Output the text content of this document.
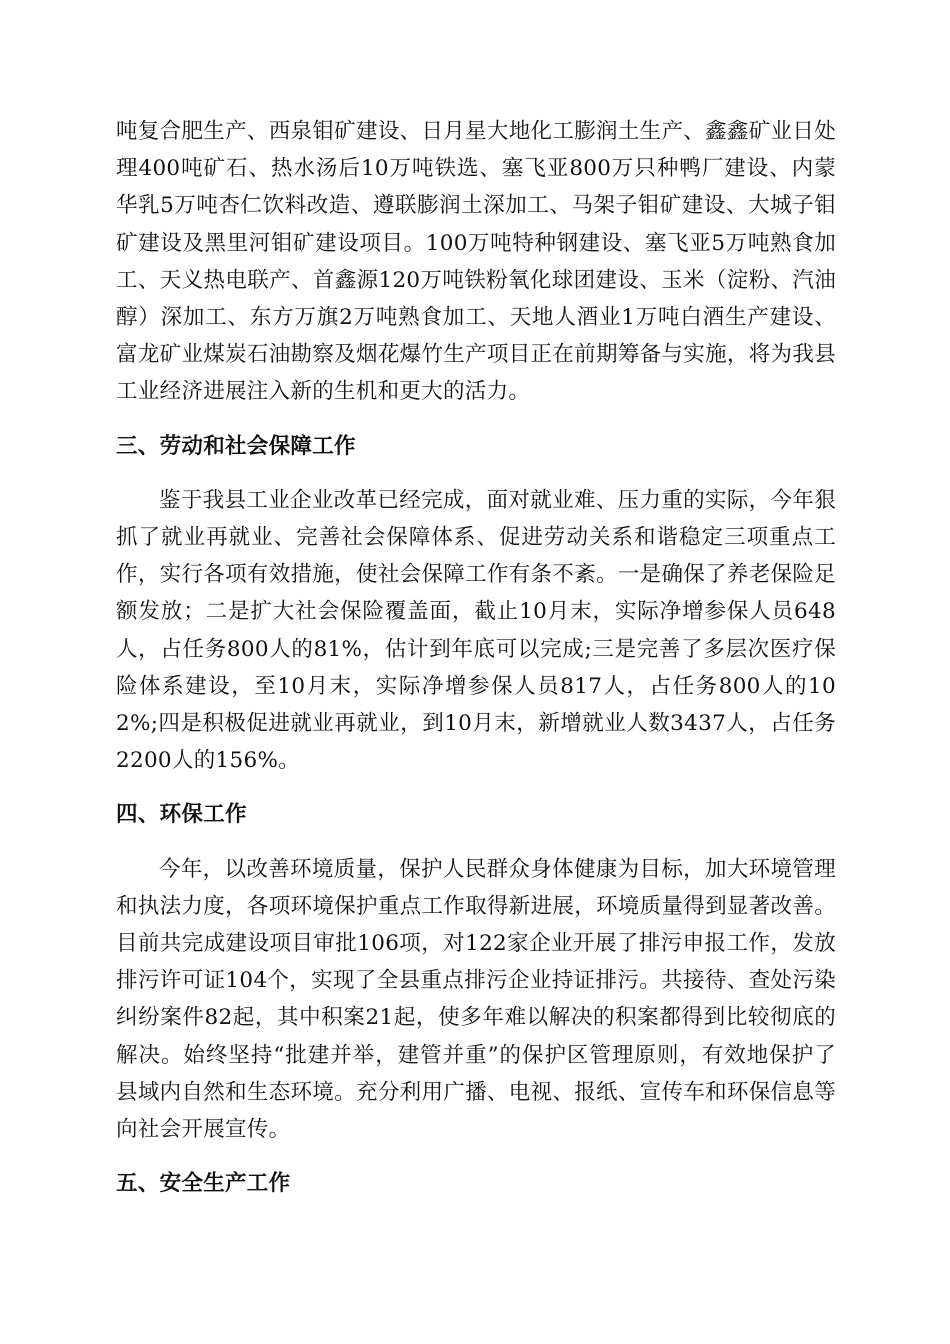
吨复合肥生产、西泉钼矿建设、日月星大地化工膨润土生产、鑫鑫矿业日处理400吨矿石、热水汤后10万吨铁选、塞飞亚800万只种鸭厂建设、内蒙华乳5万吨杏仁饮料改造、遵联膨润土深加工、马架子钼矿建设、大城子钼矿建设及黑里河钼矿建设项目。100万吨特种钢建设、塞飞亚5万吨熟食加工、天义热电联产、首鑫源120万吨铁粉氧化球团建设、玉米（淀粉、汽油醇）深加工、东方万旗2万吨熟食加工、天地人酒业1万吨白酒生产建设、富龙矿业煤炭石油勘察及烟花爆竹生产项目正在前期筹备与实施，将为我县工业经济进展注入新的生机和更大的活力。

三、劳动和社会保障工作

鉴于我县工业企业改革已经完成，面对就业难、压力重的实际，今年狠抓了就业再就业、完善社会保障体系、促进劳动关系和谐稳定三项重点工作，实行各项有效措施，使社会保障工作有条不紊。一是确保了养老保险足额发放；二是扩大社会保险覆盖面，截止10月末，实际净增参保人员648人，占任务800人的81%，估计到年底可以完成;三是完善了多层次医疗保险体系建设，至10月末，实际净增参保人员817人，占任务800人的102%;四是积极促进就业再就业，到10月末，新增就业人数3437人，占任务2200人的156%。

四、环保工作

今年，以改善环境质量，保护人民群众身体健康为目标，加大环境管理和执法力度，各项环境保护重点工作取得新进展，环境质量得到显著改善。目前共完成建设项目审批106项，对122家企业开展了排污申报工作，发放排污许可证104个，实现了全县重点排污企业持证排污。共接待、查处污染纠纷案件82起，其中积案21起，使多年难以解决的积案都得到比较彻底的解决。始终坚持“批建并举，建管并重”的保护区管理原则，有效地保护了县域内自然和生态环境。充分利用广播、电视、报纸、宣传车和环保信息等向社会开展宣传。

五、安全生产工作
